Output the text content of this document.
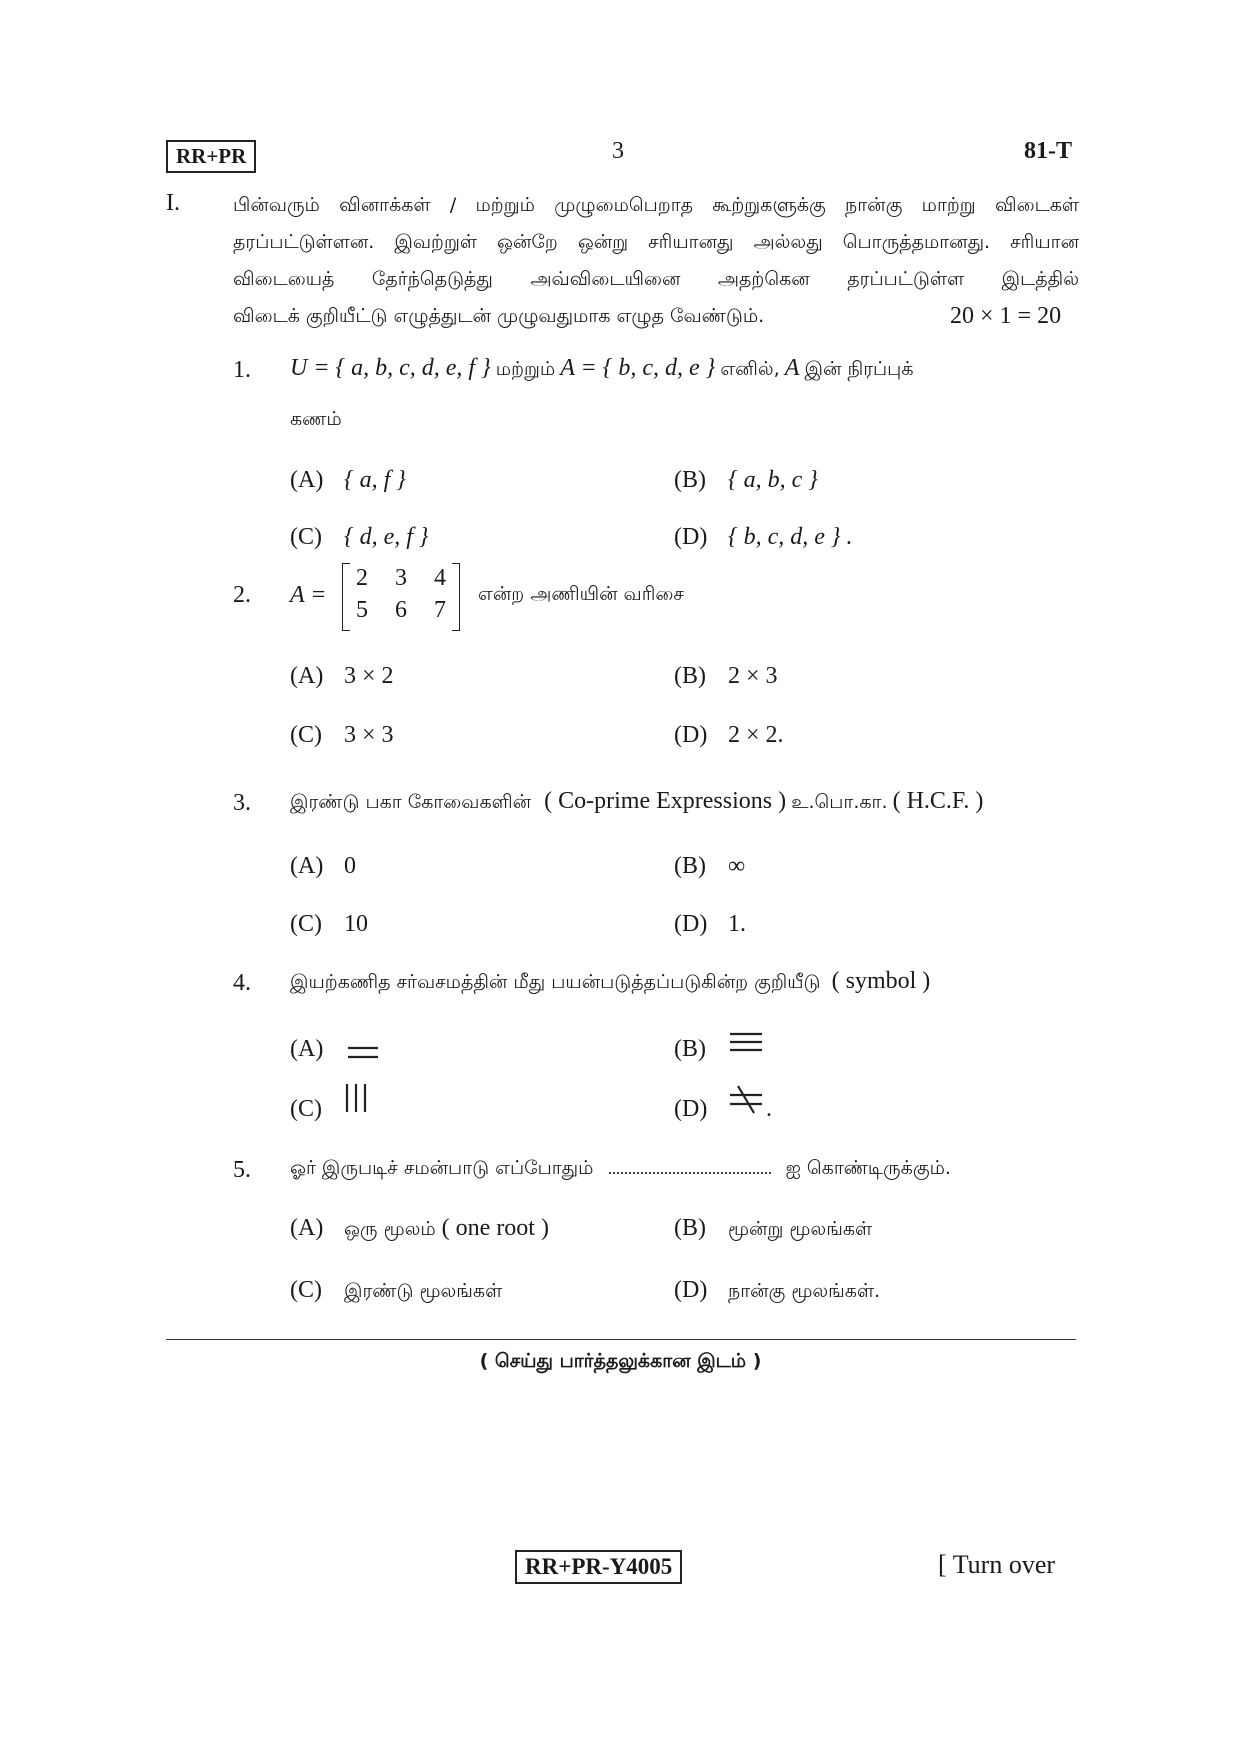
RR+PR	3	81-T
I.	பின்வரும் வினாக்கள் / மற்றும் முழுமைபெறாத கூற்றுகளுக்கு நான்கு மாற்று விடைகள்
தரப்பட்டுள்ளன. இவற்றுள் ஒன்றே ஒன்று சரியானது அல்லது பொருத்தமானது. சரியான
விடையைத் தேர்ந்தெடுத்து அவ்விடையினை அதற்கென தரப்பட்டுள்ள இடத்தில்
விடைக் குறியீட்டு எழுத்துடன் முழுவதுமாக எழுத வேண்டும்.	20 × 1 = 20
1. U = { a, b, c, d, e, f } மற்றும் A = { b, c, d, e } எனில், A இன் நிரப்புக்
கணம்
(A) { a, f }	(B) { a, b, c }
(C) { d, e, f }	(D) { b, c, d, e } .
2. A =
2 3 4
5 6 7
என்ற அணியின் வரிசை
(A) 3 × 2	(B) 2 × 3
(C) 3 × 3	(D) 2 × 2.
3. இரண்டு பகா கோவைகளின் ( Co-prime Expressions ) உ.பொ.கா. ( H.C.F. )
(A) 0	(B) ∞
(C) 10	(D) 1.
4. இயற்கணித சர்வசமத்தின் மீது பயன்படுத்தப்படுகின்ற குறியீடு ( symbol )
(A)	(B)
(C)	(D) .
5. ஓர் இருபடிச் சமன்பாடு எப்போதும்	ஐ கொண்டிருக்கும்.
(A) ஒரு மூலம் ( one root )	(B) மூன்று மூலங்கள்
(C) இரண்டு மூலங்கள்	(D) நான்கு மூலங்கள்.
( செய்து பார்த்தலுக்கான இடம் )
RR+PR-Y4005	[ Turn over
